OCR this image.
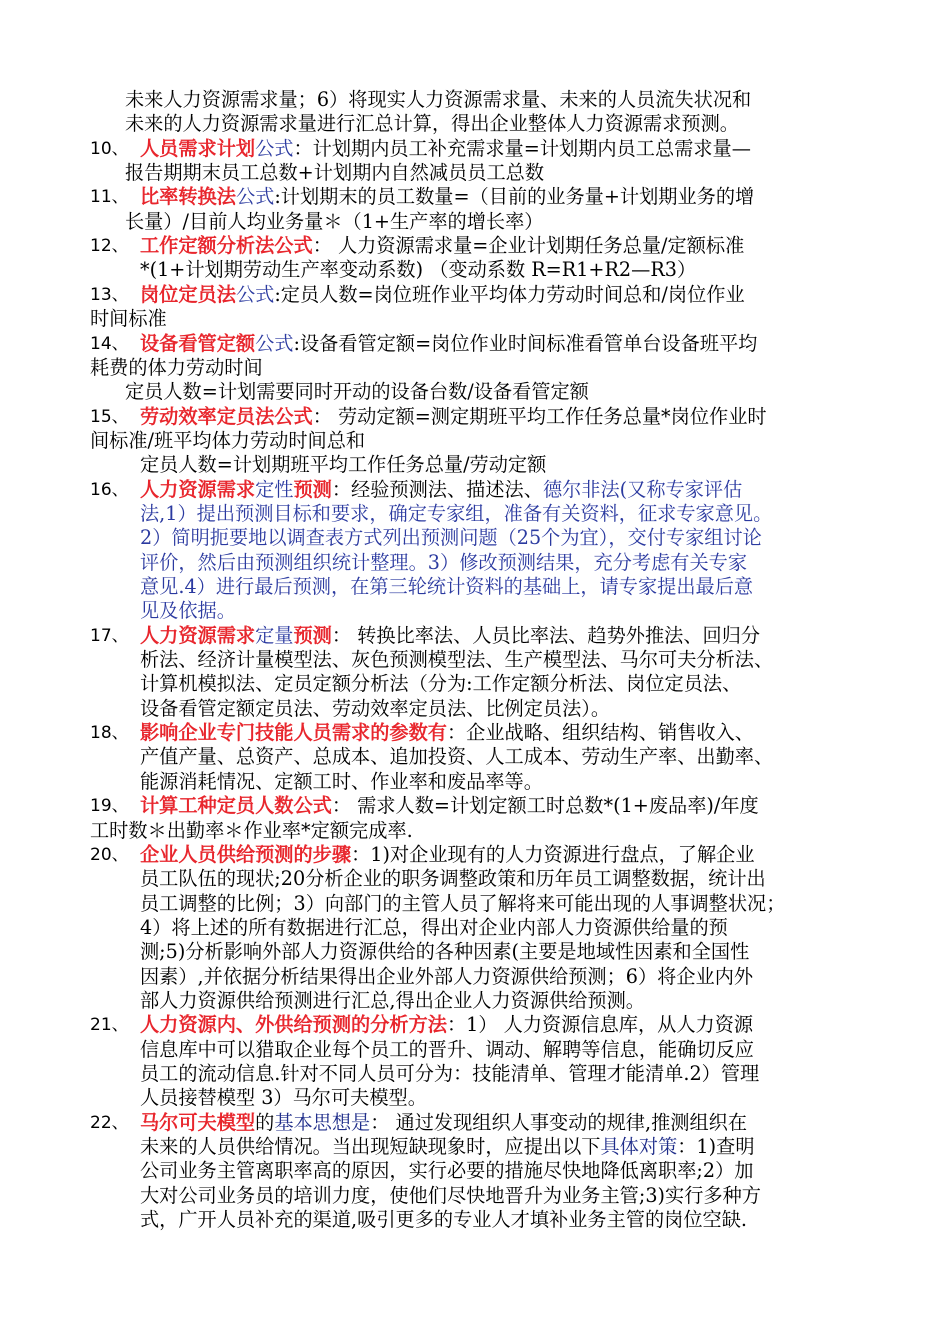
未来人力资源需求量；6）将现实人力资源需求量、未来的人员流失状况和
未来的人力资源需求量进行汇总计算，得出企业整体人力资源需求预测。
10、 人员需求计划公式：计划期内员工补充需求量=计划期内员工总需求量—
报告期期末员工总数+计划期内自然减员员工总数
11、 比率转换法公式:计划期末的员工数量=（目前的业务量+计划期业务的增
长量）/目前人均业务量＊（1+生产率的增长率）
12、 工作定额分析法公式： 人力资源需求量=企业计划期任务总量/定额标准
*(1+计划期劳动生产率变动系数) （变动系数 R=R1+R2—R3）
13、 岗位定员法公式:定员人数=岗位班作业平均体力劳动时间总和/岗位作业
时间标准
14、 设备看管定额公式:设备看管定额=岗位作业时间标准看管单台设备班平均
耗费的体力劳动时间
定员人数=计划需要同时开动的设备台数/设备看管定额
15、 劳动效率定员法公式： 劳动定额=测定期班平均工作任务总量*岗位作业时
间标准/班平均体力劳动时间总和
定员人数=计划期班平均工作任务总量/劳动定额
16、 人力资源需求定性预测：经验预测法、描述法、德尔非法(又称专家评估
法,1）提出预测目标和要求，确定专家组，准备有关资料，征求专家意见。
2）简明扼要地以调查表方式列出预测问题（25个为宜），交付专家组讨论
评价，然后由预测组织统计整理。3）修改预测结果，充分考虑有关专家
意见.4）进行最后预测，在第三轮统计资料的基础上，请专家提出最后意
见及依据。
17、 人力资源需求定量预测： 转换比率法、人员比率法、趋势外推法、回归分
析法、经济计量模型法、灰色预测模型法、生产模型法、马尔可夫分析法、
计算机模拟法、定员定额分析法（分为:工作定额分析法、岗位定员法、
设备看管定额定员法、劳动效率定员法、比例定员法）。
18、 影响企业专门技能人员需求的参数有：企业战略、组织结构、销售收入、
产值产量、总资产、总成本、追加投资、人工成本、劳动生产率、出勤率、
能源消耗情况、定额工时、作业率和废品率等。
19、 计算工种定员人数公式： 需求人数=计划定额工时总数*(1+废品率)/年度
工时数＊出勤率＊作业率*定额完成率.
20、 企业人员供给预测的步骤：1)对企业现有的人力资源进行盘点，了解企业
员工队伍的现状;20分析企业的职务调整政策和历年员工调整数据，统计出
员工调整的比例；3）向部门的主管人员了解将来可能出现的人事调整状况；
4）将上述的所有数据进行汇总，得出对企业内部人力资源供给量的预
测;5)分析影响外部人力资源供给的各种因素(主要是地域性因素和全国性
因素）,并依据分析结果得出企业外部人力资源供给预测；6）将企业内外
部人力资源供给预测进行汇总,得出企业人力资源供给预测。
21、 人力资源内、外供给预测的分析方法：1） 人力资源信息库，从人力资源
信息库中可以猎取企业每个员工的晋升、调动、解聘等信息，能确切反应
员工的流动信息.针对不同人员可分为：技能清单、管理才能清单.2）管理
人员接替模型 3）马尔可夫模型。
22、 马尔可夫模型的基本思想是： 通过发现组织人事变动的规律,推测组织在
未来的人员供给情况。当出现短缺现象时，应提出以下具体对策：1)查明
公司业务主管离职率高的原因，实行必要的措施尽快地降低离职率;2）加
大对公司业务员的培训力度，使他们尽快地晋升为业务主管;3)实行多种方
式，广开人员补充的渠道,吸引更多的专业人才填补业务主管的岗位空缺.
